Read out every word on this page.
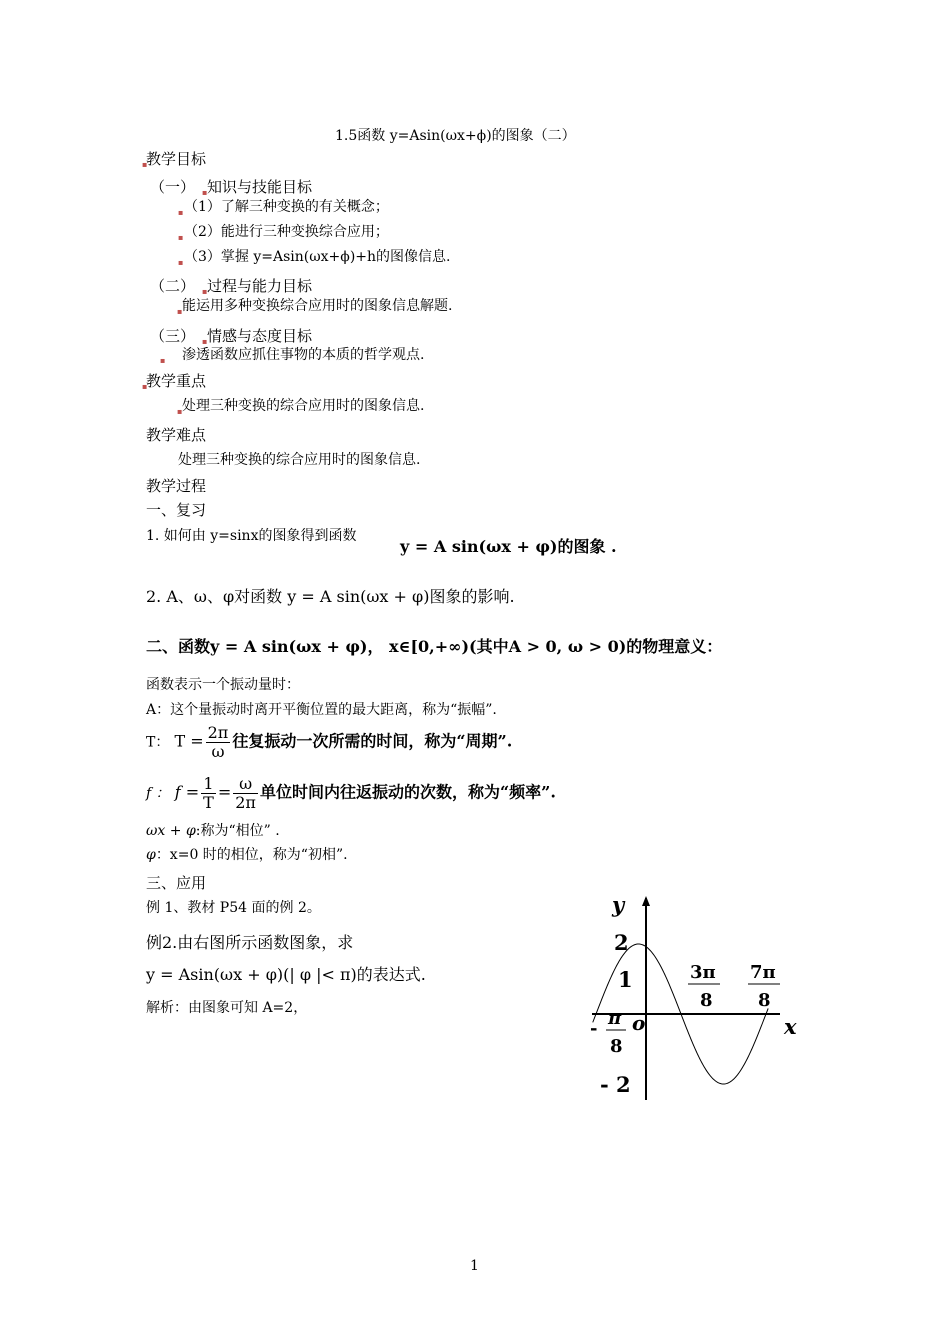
1.5函数 y=Asin(ωx+ϕ)的图象（二）
▪
教学目标
（一） ▪ 知识与技能目标
▪ （1）了解三种变换的有关概念；
▪ （2）能进行三种变换综合应用；
▪ （3）掌握 y=Asin(ωx+ϕ)+h的图像信息.
（二） ▪ 过程与能力目标
▪ 能运用多种变换综合应用时的图象信息解题.
（三） ▪ 情感与态度目标
▪ 渗透函数应抓住事物的本质的哲学观点.
▪
教学重点
▪ 处理三种变换的综合应用时的图象信息.
教学难点
处理三种变换的综合应用时的图象信息.
教学过程
一、复习
1. 如何由 y=sinx的图象得到函数
y = A sin(ωx + φ)的图象 .
2. A、ω、φ对函数 y = A sin(ωx + φ)图象的影响.
二、函数y = A sin(ωx + φ)， x∈[0,+∞)(其中A > 0, ω > 0)的物理意义：
函数表示一个振动量时：
A：这个量振动时离开平衡位置的最大距离，称为“振幅”.
T： $T = \frac{2\pi}{\omega}$ 往复振动一次所需的时间，称为“周期”.
f ： $f = \frac{1}{T} = \frac{\omega}{2\pi}$ 单位时间内往返振动的次数，称为“频率”.
ωx + φ:称为“相位” .
φ：x=0 时的相位，称为“初相”.
三、应用
例 1、教材 P54 面的例 2。
例2.由右图所示函数图象，求
y = Asin(ωx + φ)(| φ |< π)的表达式.
解析：由图象可知 A=2，
y
2
1
- 2
- π
8
o
3π
8
7π
8
x
1
